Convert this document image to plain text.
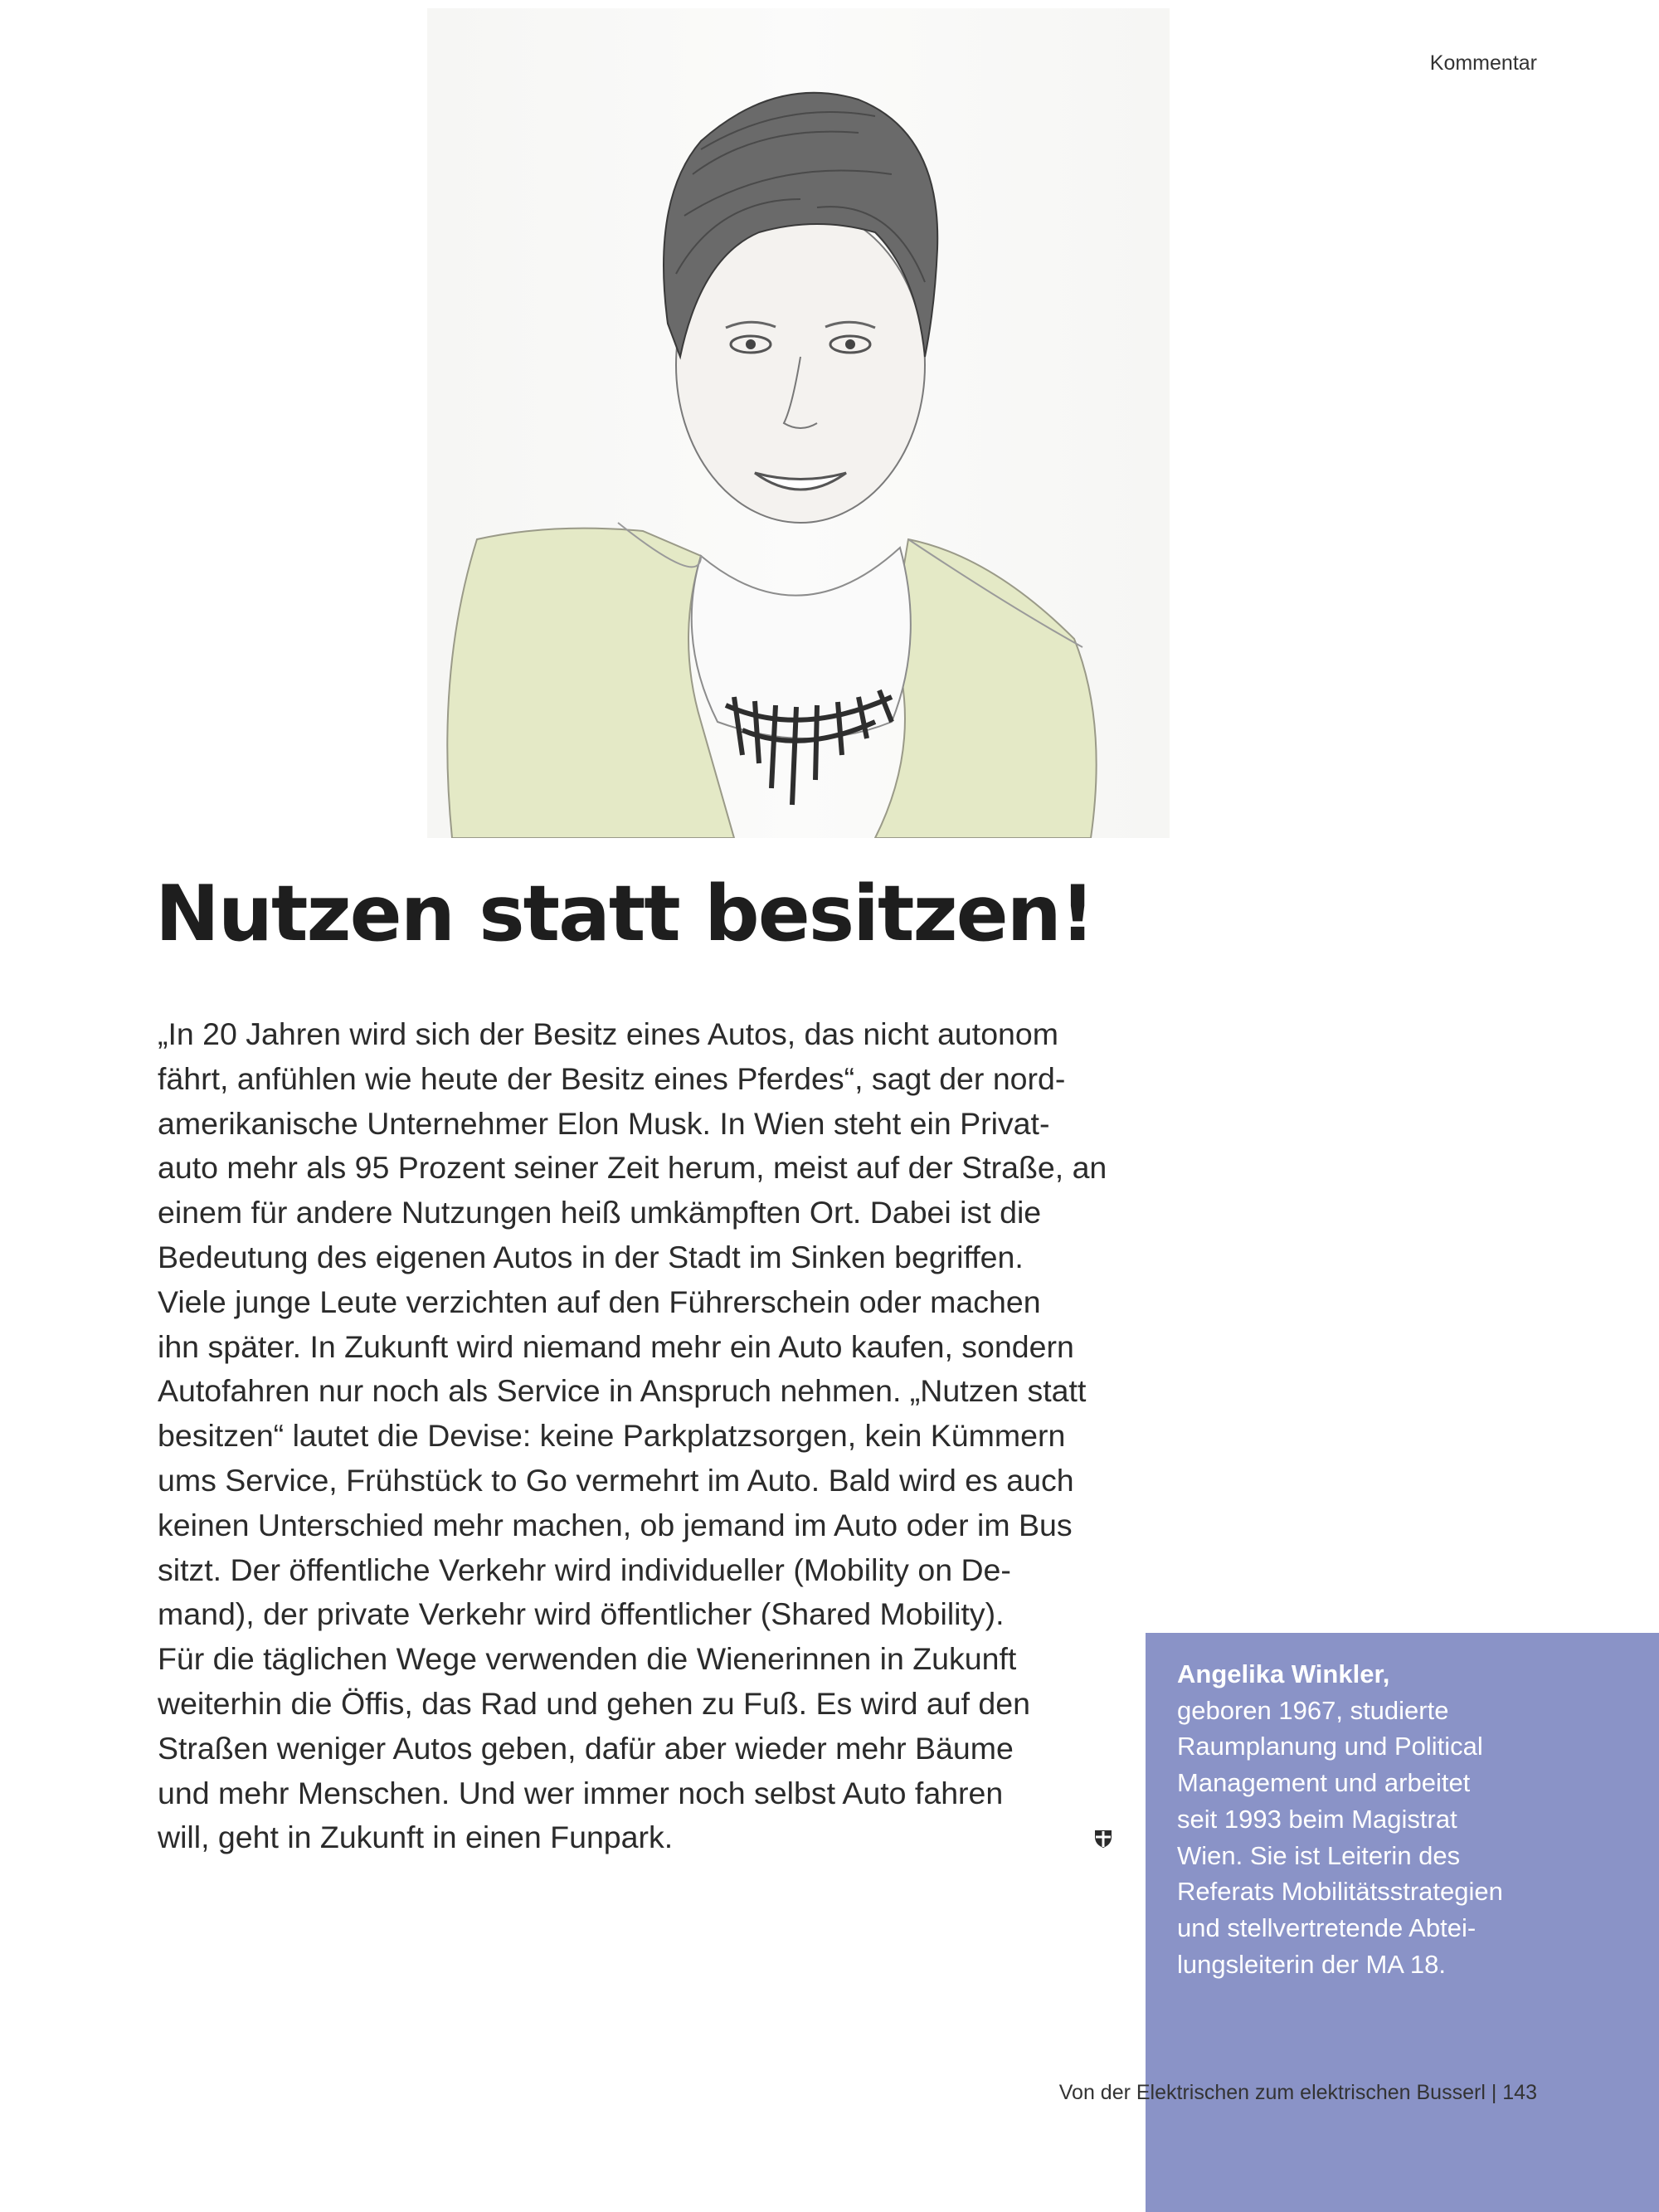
Kommentar
Nutzen statt besitzen!
„In 20 Jahren wird sich der Besitz eines Autos, das nicht autonom
fährt, anfühlen wie heute der Besitz eines Pferdes“, sagt der nord-
amerikanische Unternehmer Elon Musk. In Wien steht ein Privat-
auto mehr als 95 Prozent seiner Zeit herum, meist auf der Straße, an
einem für andere Nutzungen heiß umkämpften Ort. Dabei ist die
Bedeutung des eigenen Autos in der Stadt im Sinken begriffen.
Viele junge Leute verzichten auf den Führerschein oder machen
ihn später. In Zukunft wird niemand mehr ein Auto kaufen, sondern
Autofahren nur noch als Service in Anspruch nehmen. „Nutzen statt
besitzen“ lautet die Devise: keine Parkplatzsorgen, kein Kümmern
ums Service, Frühstück to Go vermehrt im Auto. Bald wird es auch
keinen Unterschied mehr machen, ob jemand im Auto oder im Bus
sitzt. Der öffentliche Verkehr wird individueller (Mobility on De-
mand), der private Verkehr wird öffentlicher (Shared Mobility).
Für die täglichen Wege verwenden die Wienerinnen in Zukunft
weiterhin die Öffis, das Rad und gehen zu Fuß. Es wird auf den
Straßen weniger Autos geben, dafür aber wieder mehr Bäume
und mehr Menschen. Und wer immer noch selbst Auto fahren
will, geht in Zukunft in einen Funpark.
Angelika Winkler,
geboren 1967, studierte
Raumplanung und Political
Management und arbeitet
seit 1993 beim Magistrat
Wien. Sie ist Leiterin des
Referats Mobilitätsstrategien
und stellvertretende Abtei-
lungsleiterin der MA 18.
Von der Elektrischen zum elektrischen Busserl | 143
